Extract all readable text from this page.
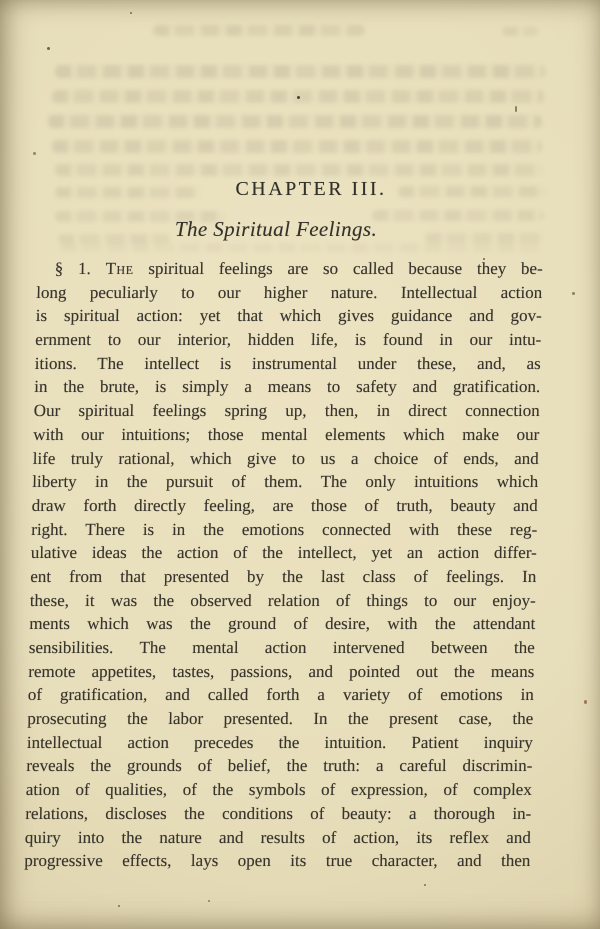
CHAPTER III.
The Spiritual Feelings.
§ 1. The spiritual feelings are so called because they be-
long peculiarly to our higher nature. Intellectual action
is spiritual action: yet that which gives guidance and gov-
ernment to our interior, hidden life, is found in our intu-
itions. The intellect is instrumental under these, and, as
in the brute, is simply a means to safety and gratification.
Our spiritual feelings spring up, then, in direct connection
with our intuitions; those mental elements which make our
life truly rational, which give to us a choice of ends, and
liberty in the pursuit of them. The only intuitions which
draw forth directly feeling, are those of truth, beauty and
right. There is in the emotions connected with these reg-
ulative ideas the action of the intellect, yet an action differ-
ent from that presented by the last class of feelings. In
these, it was the observed relation of things to our enjoy-
ments which was the ground of desire, with the attendant
sensibilities. The mental action intervened between the
remote appetites, tastes, passions, and pointed out the means
of gratification, and called forth a variety of emotions in
prosecuting the labor presented. In the present case, the
intellectual action precedes the intuition. Patient inquiry
reveals the grounds of belief, the truth: a careful discrimin-
ation of qualities, of the symbols of expression, of complex
relations, discloses the conditions of beauty: a thorough in-
quiry into the nature and results of action, its reflex and
progressive effects, lays open its true character, and then
